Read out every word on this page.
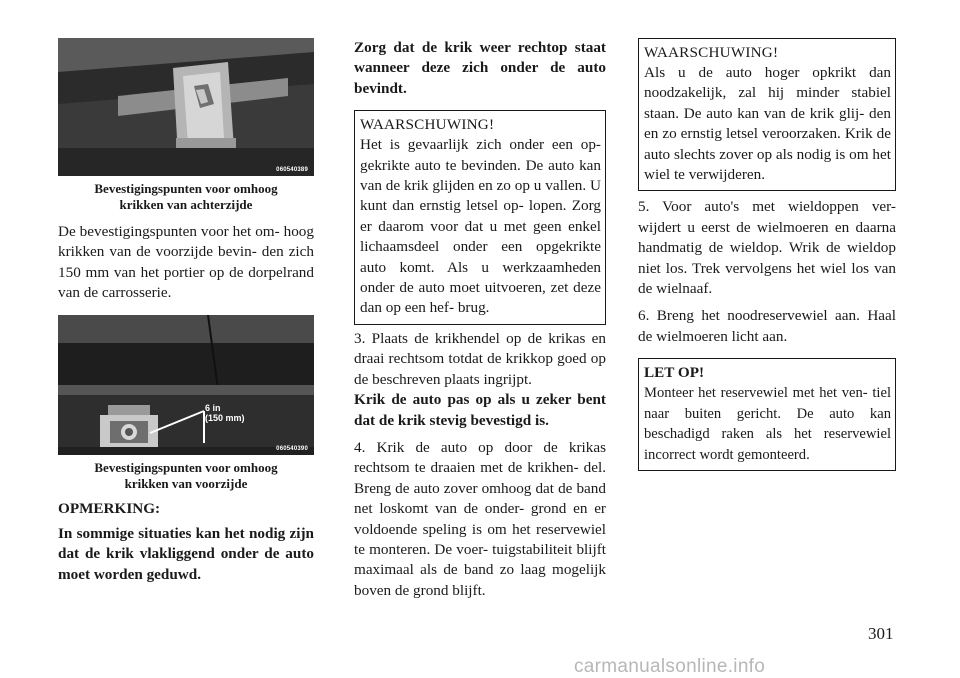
060540389
Bevestigingspunten voor omhoog
krikken van achterzijde

De bevestigingspunten voor het om- hoog krikken van de voorzijde bevin- den zich 150 mm van het portier op de dorpelrand van de carrosserie.

6 in
(150 mm)
060540390
Bevestigingspunten voor omhoog
krikken van voorzijde

OPMERKING:

In sommige situaties kan het nodig zijn dat de krik vlakliggend onder de auto moet worden geduwd.

Zorg dat de krik weer rechtop staat wanneer deze zich onder de auto bevindt.

WAARSCHUWING!

Het is gevaarlijk zich onder een op- gekrikte auto te bevinden. De auto kan van de krik glijden en zo op u vallen. U kunt dan ernstig letsel op- lopen. Zorg er daarom voor dat u met geen enkel lichaamsdeel onder een opgekrikte auto komt. Als u werkzaamheden onder de auto moet uitvoeren, zet deze dan op een hef- brug.

3. Plaats de krikhendel op de krikas en draai rechtsom totdat de krikkop goed op de beschreven plaats ingrijpt.

Krik de auto pas op als u zeker bent dat de krik stevig bevestigd is.

4. Krik de auto op door de krikas rechtsom te draaien met de krikhen- del. Breng de auto zover omhoog dat de band net loskomt van de onder- grond en er voldoende speling is om het reservewiel te monteren. De voer- tuigstabiliteit blijft maximaal als de band zo laag mogelijk boven de grond blijft.

WAARSCHUWING!

Als u de auto hoger opkrikt dan noodzakelijk, zal hij minder stabiel staan. De auto kan van de krik glij- den en zo ernstig letsel veroorzaken. Krik de auto slechts zover op als nodig is om het wiel te verwijderen.

5. Voor auto's met wieldoppen ver- wijdert u eerst de wielmoeren en daarna handmatig de wieldop. Wrik de wieldop niet los. Trek vervolgens het wiel los van de wielnaaf.

6. Breng het noodreservewiel aan. Haal de wielmoeren licht aan.

LET OP!

Monteer het reservewiel met het ven- tiel naar buiten gericht. De auto kan beschadigd raken als het reservewiel incorrect wordt gemonteerd.

301
carmanualsonline.info
